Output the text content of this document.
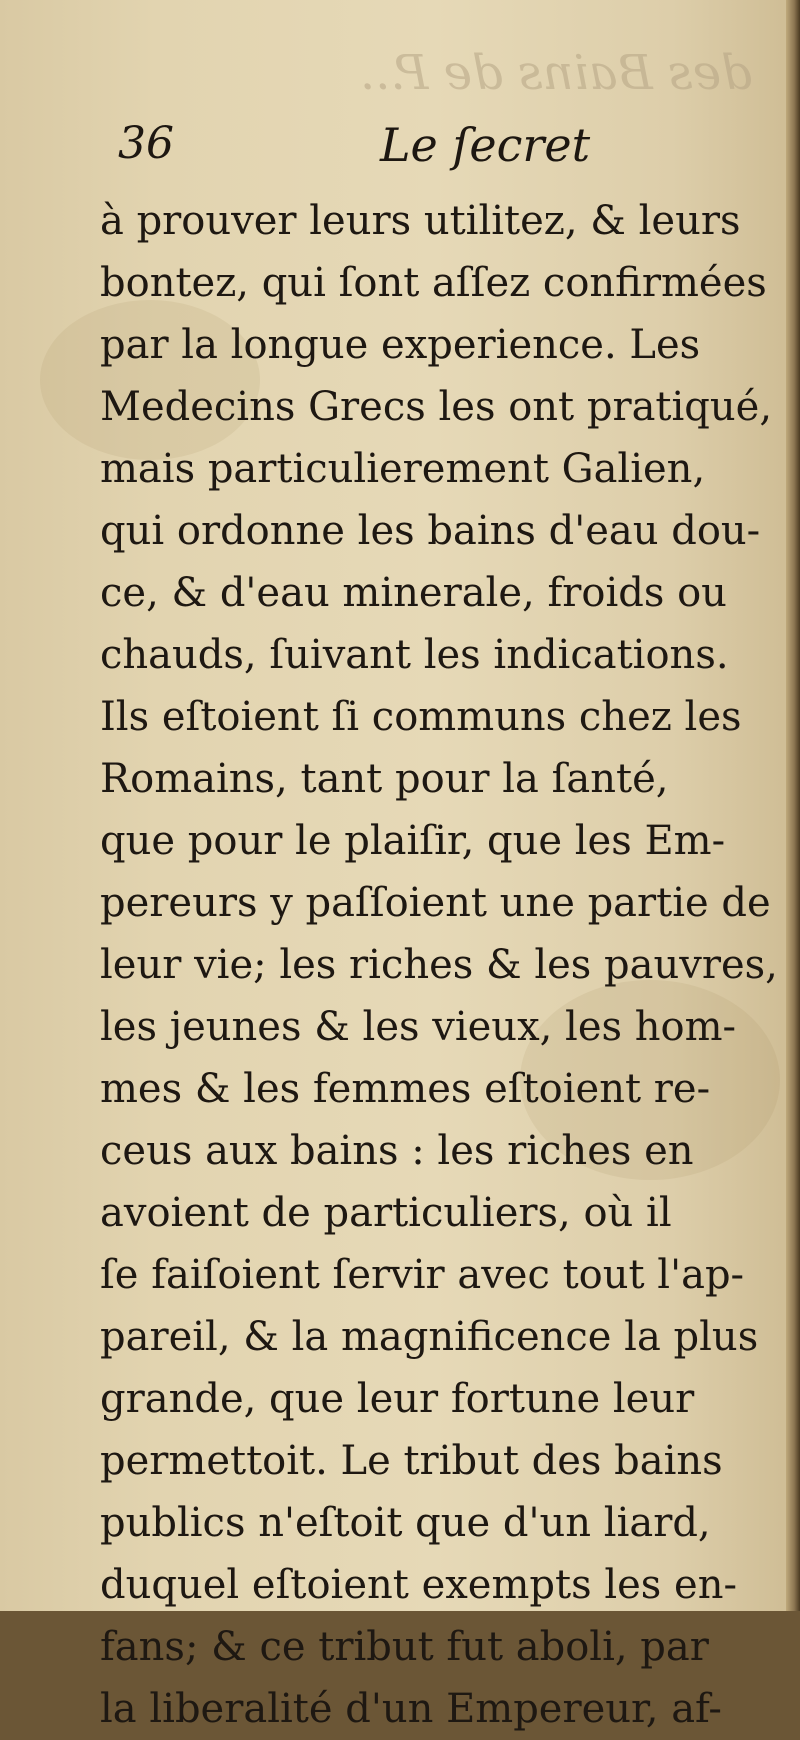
des Bains de P...
36	Le ſecret
à prouver leurs utilitez, & leurs
bontez, qui ſont aſſez confirmées
par la longue experience. Les
Medecins Grecs les ont pratiqué,
mais particulierement Galien,
qui ordonne les bains d'eau dou-
ce, & d'eau minerale, froids ou
chauds, ſuivant les indications.
Ils eſtoient ſi communs chez les
Romains, tant pour la ſanté,
que pour le plaiſir, que les Em-
pereurs y paſſoient une partie de
leur vie; les riches & les pauvres,
les jeunes & les vieux, les hom-
mes & les femmes eſtoient re-
ceus aux bains : les riches en
avoient de particuliers, où il
ſe faiſoient ſervir avec tout l'ap-
pareil, & la magnificence la plus
grande, que leur fortune leur
permettoit. Le tribut des bains
publics n'eſtoit que d'un liard,
duquel eſtoient exempts les en-
fans; & ce tribut fut aboli, par
la liberalité d'un Empereur, af-
